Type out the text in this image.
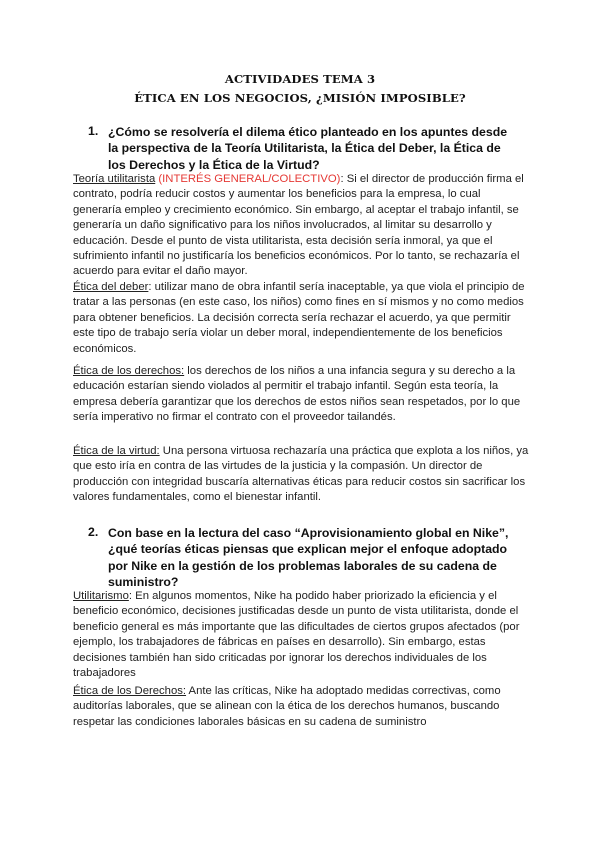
ACTIVIDADES TEMA 3
ÉTICA EN LOS NEGOCIOS, ¿MISIÓN IMPOSIBLE?
1. ¿Cómo se resolvería el dilema ético planteado en los apuntes desde la perspectiva de la Teoría Utilitarista, la Ética del Deber, la Ética de los Derechos y la Ética de la Virtud?
Teoría utilitarista (INTERÉS GENERAL/COLECTIVO): Si el director de producción firma el contrato, podría reducir costos y aumentar los beneficios para la empresa, lo cual generaría empleo y crecimiento económico. Sin embargo, al aceptar el trabajo infantil, se generaría un daño significativo para los niños involucrados, al limitar su desarrollo y educación. Desde el punto de vista utilitarista, esta decisión sería inmoral, ya que el sufrimiento infantil no justificaría los beneficios económicos. Por lo tanto, se rechazaría el acuerdo para evitar el daño mayor.
Ética del deber: utilizar mano de obra infantil sería inaceptable, ya que viola el principio de tratar a las personas (en este caso, los niños) como fines en sí mismos y no como medios para obtener beneficios. La decisión correcta sería rechazar el acuerdo, ya que permitir este tipo de trabajo sería violar un deber moral, independientemente de los beneficios económicos.
Ética de los derechos: los derechos de los niños a una infancia segura y su derecho a la educación estarían siendo violados al permitir el trabajo infantil. Según esta teoría, la empresa debería garantizar que los derechos de estos niños sean respetados, por lo que sería imperativo no firmar el contrato con el proveedor tailandés.
Ética de la virtud: Una persona virtuosa rechazaría una práctica que explota a los niños, ya que esto iría en contra de las virtudes de la justicia y la compasión. Un director de producción con integridad buscaría alternativas éticas para reducir costos sin sacrificar los valores fundamentales, como el bienestar infantil.
2. Con base en la lectura del caso “Aprovisionamiento global en Nike”, ¿qué teorías éticas piensas que explican mejor el enfoque adoptado por Nike en la gestión de los problemas laborales de su cadena de suministro?
Utilitarismo: En algunos momentos, Nike ha podido haber priorizado la eficiencia y el beneficio económico, decisiones justificadas desde un punto de vista utilitarista, donde el beneficio general es más importante que las dificultades de ciertos grupos afectados (por ejemplo, los trabajadores de fábricas en países en desarrollo). Sin embargo, estas decisiones también han sido criticadas por ignorar los derechos individuales de los trabajadores
Ética de los Derechos: Ante las críticas, Nike ha adoptado medidas correctivas, como auditorías laborales, que se alinean con la ética de los derechos humanos, buscando respetar las condiciones laborales básicas en su cadena de suministro
